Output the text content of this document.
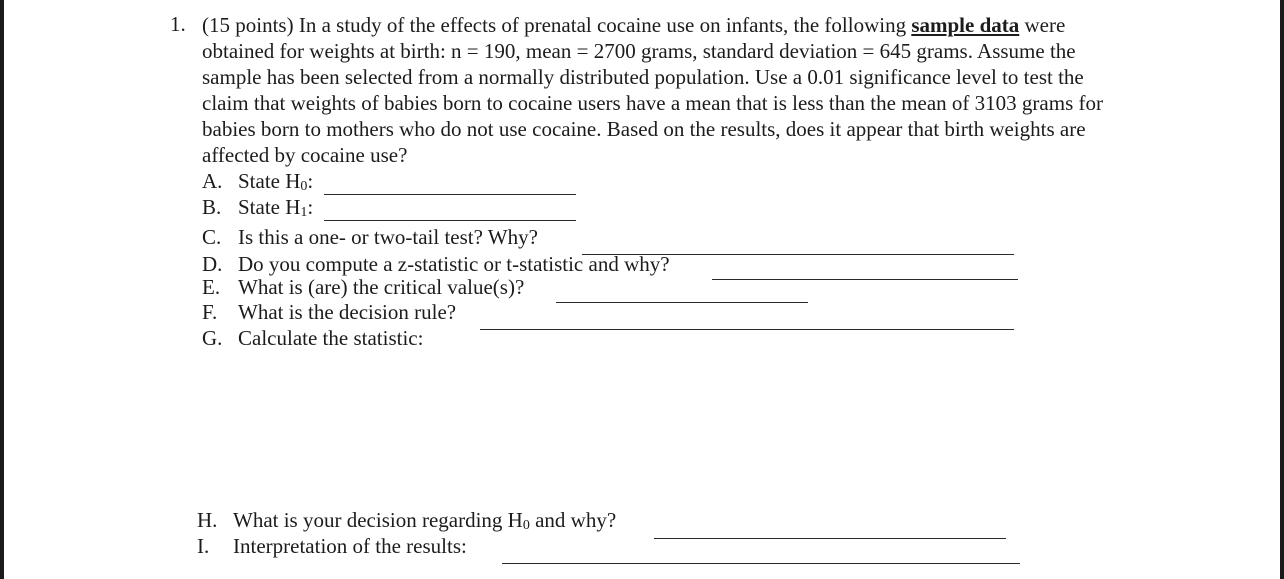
1. (15 points) In a study of the effects of prenatal cocaine use on infants, the following sample data were obtained for weights at birth: n = 190, mean = 2700 grams, standard deviation = 645 grams. Assume the sample has been selected from a normally distributed population. Use a 0.01 significance level to test the claim that weights of babies born to cocaine users have a mean that is less than the mean of 3103 grams for babies born to mothers who do not use cocaine. Based on the results, does it appear that birth weights are affected by cocaine use?
A. State H0:
B. State H1:
C. Is this a one- or two-tail test? Why?
D. Do you compute a z-statistic or t-statistic and why?
E. What is (are) the critical value(s)?
F. What is the decision rule?
G. Calculate the statistic:
H. What is your decision regarding H0 and why?
I. Interpretation of the results:
